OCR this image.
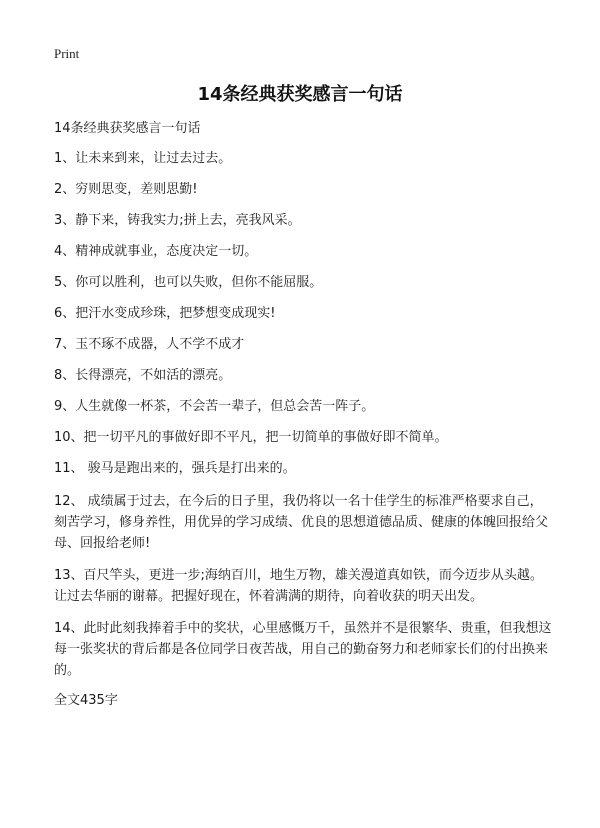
Print
14条经典获奖感言一句话

14条经典获奖感言一句话

1、让未来到来，让过去过去。

2、穷则思变，差则思勤!

3、静下来，铸我实力;拼上去，亮我风采。

4、精神成就事业，态度决定一切。

5、你可以胜利，也可以失败，但你不能屈服。

6、把汗水变成珍珠，把梦想变成现实!

7、玉不琢不成器，人不学不成才

8、长得漂亮，不如活的漂亮。

9、人生就像一杯茶，不会苦一辈子，但总会苦一阵子。

10、把一切平凡的事做好即不平凡，把一切简单的事做好即不简单。

11、 骏马是跑出来的，强兵是打出来的。

12、 成绩属于过去，在今后的日子里，我仍将以一名十佳学生的标准严格要求自己，刻苦学习，修身养性，用优异的学习成绩、优良的思想道德品质、健康的体魄回报给父母、回报给老师!

13、百尺竿头，更进一步;海纳百川，地生万物，雄关漫道真如铁，而今迈步从头越。让过去华丽的谢幕。把握好现在，怀着满满的期待，向着收获的明天出发。

14、此时此刻我捧着手中的奖状，心里感慨万千，虽然并不是很繁华、贵重，但我想这每一张奖状的背后都是各位同学日夜苦战，用自己的勤奋努力和老师家长们的付出换来的。

全文435字
